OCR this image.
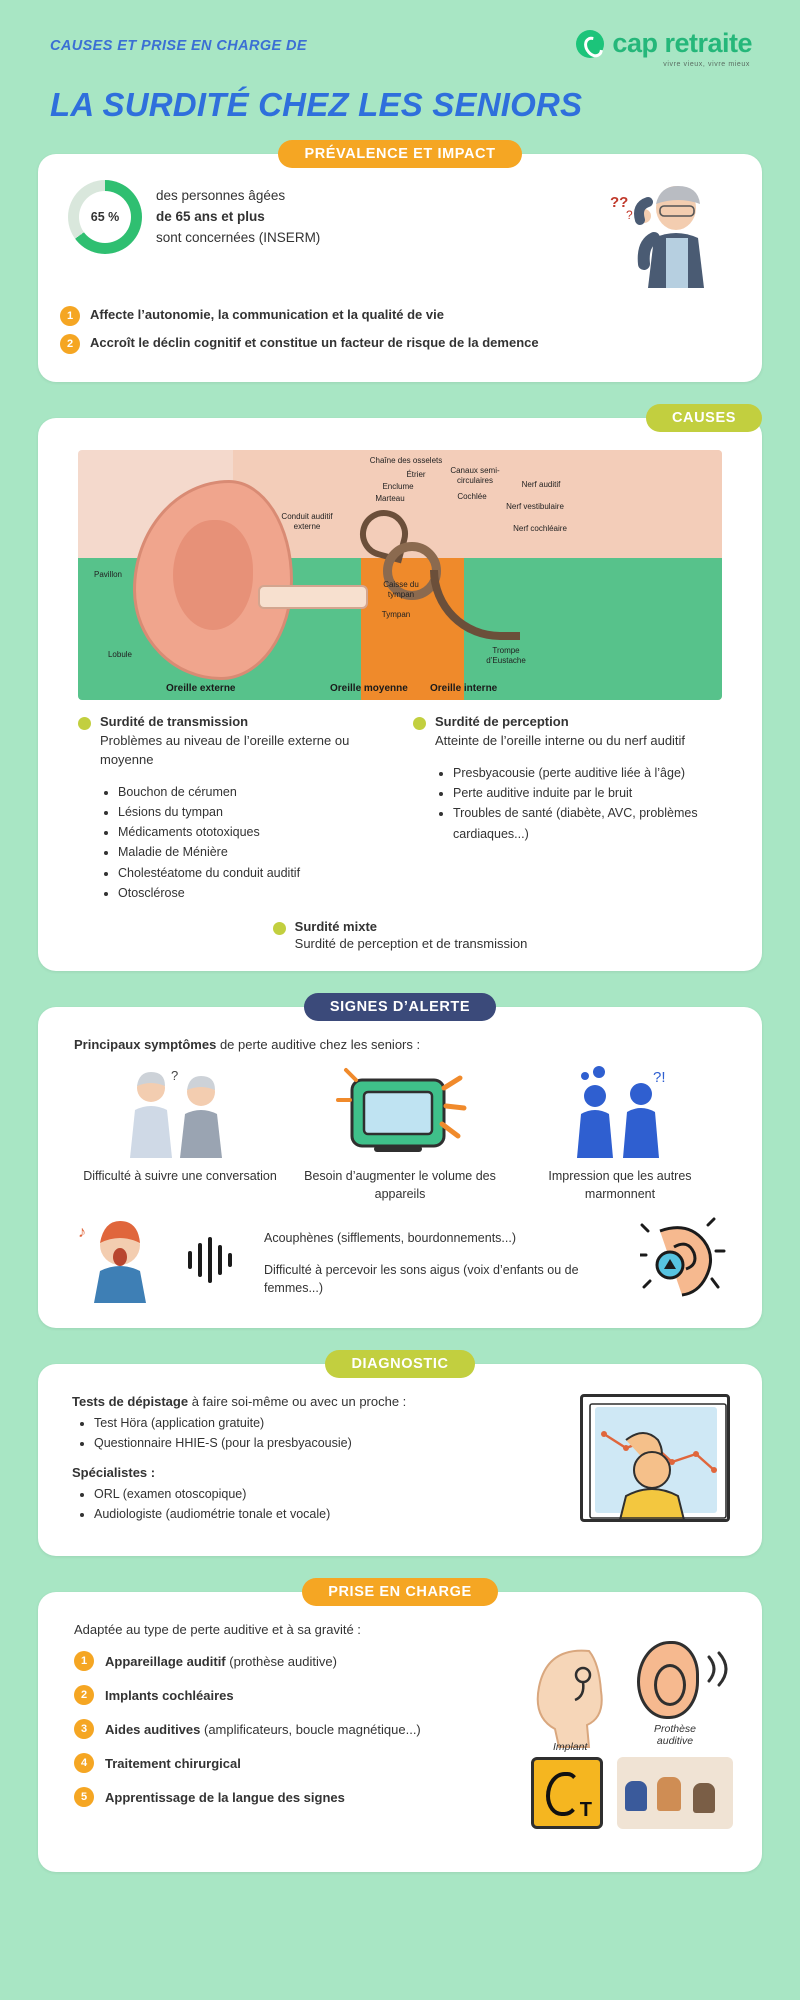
CAUSES ET PRISE EN CHARGE DE	cap retraite
vivre vieux, vivre mieux
LA SURDITÉ CHEZ LES SENIORS
PRÉVALENCE ET IMPACT
65 %
des personnes âgées
de 65 ans et plus
sont concernées (INSERM)
??
?
1	Affecte l’autonomie, la communication et la qualité de vie
2	Accroît le déclin cognitif et constitue un facteur de risque de la demence
CAUSES
Chaîne des osselets
Étrier
Enclume
Marteau
Canaux semi-circulaires
Cochlée
Nerf auditif
Nerf vestibulaire
Nerf cochléaire
Conduit auditif externe
Pavillon
Caisse du tympan
Tympan
Lobule	Trompe d’Eustache
Oreille externe	Oreille moyenne Oreille interne
Surdité de transmission
Problèmes au niveau de l’oreille externe ou moyenne
• Bouchon de cérumen
• Lésions du tympan
• Médicaments ototoxiques
• Maladie de Ménière
• Cholestéatome du conduit auditif
• Otosclérose
Surdité de perception
Atteinte de l’oreille interne ou du nerf auditif
• Presbyacousie (perte auditive liée à l’âge)
• Perte auditive induite par le bruit
• Troubles de santé (diabète, AVC, problèmes cardiaques...)
Surdité mixte
Surdité de perception et de transmission
SIGNES D’ALERTE
Principaux symptômes de perte auditive chez les seniors :
?
Difficulté à suivre une conversation	Besoin d’augmenter le volume des appareils
?!
Impression que les autres marmonnent
♪	Acouphènes (sifflements, bourdonnements...)
Difficulté à percevoir les sons aigus (voix d’enfants ou de femmes...)
DIAGNOSTIC
Tests de dépistage à faire soi-même ou avec un proche :
• Test Höra (application gratuite)
• Questionnaire HHIE-S (pour la presbyacousie)
Spécialistes :
• ORL (examen otoscopique)
• Audiologiste (audiométrie tonale et vocale)
PRISE EN CHARGE
Adaptée au type de perte auditive et à sa gravité :
1	Appareillage auditif (prothèse auditive)
2	Implants cochléaires
3	Aides auditives (amplificateurs, boucle magnétique...)
4	Traitement chirurgical
5	Apprentissage de la langue des signes
Implant
Prothèse auditive
T
